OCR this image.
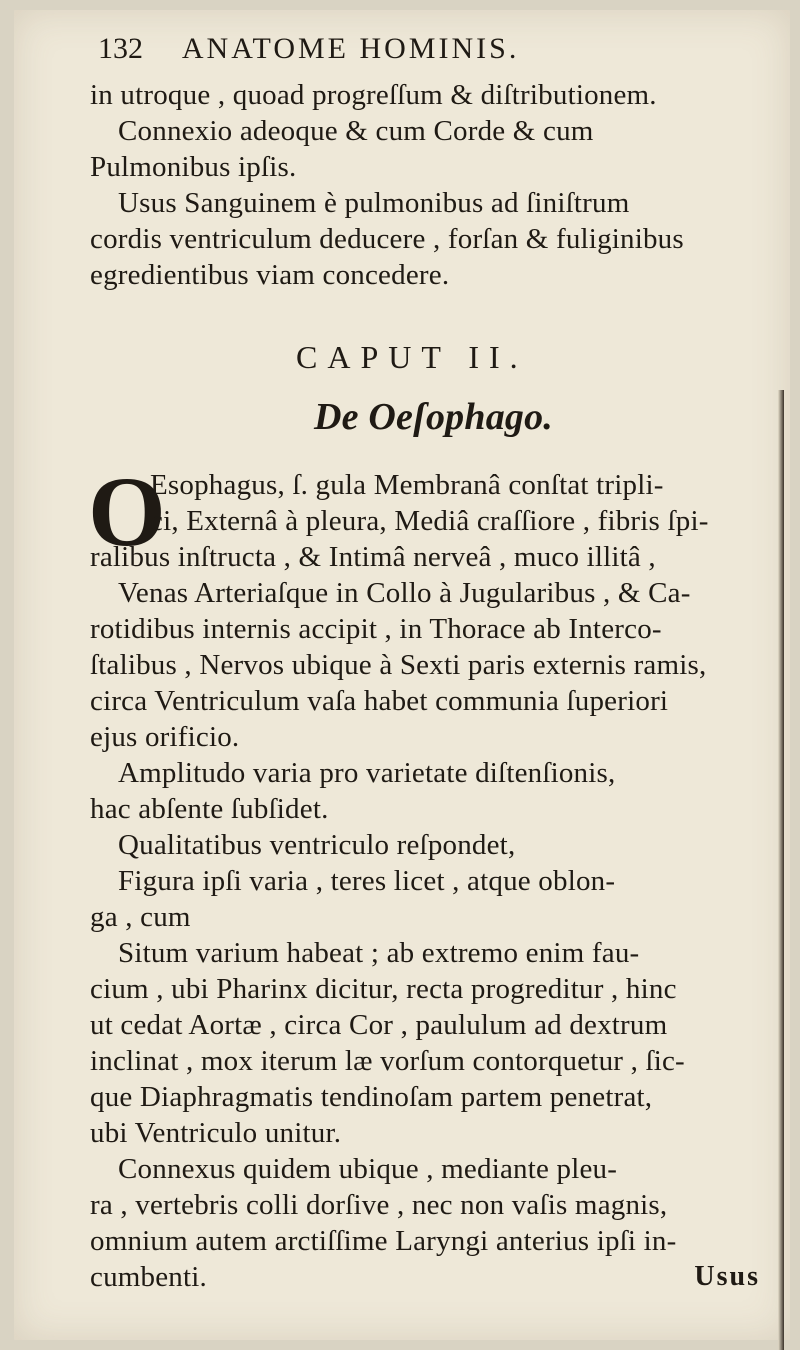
132 ANATOME HOMINIS.
in utroque , quoad progreſſum & diſtributionem.
Connexio adeoque & cum Corde & cum
Pulmonibus ipſis.
Usus Sanguinem è pulmonibus ad ſiniſtrum
cordis ventriculum deducere , forſan & fuliginibus
egredientibus viam concedere.
CAPUT II.
De Oeſophago.
O
Esophagus, ſ. gula Membranâ conſtat tripli-
ci, Externâ à pleura, Mediâ craſſiore , fibris ſpi-
ralibus inſtructa , & Intimâ nerveâ , muco illitâ ,
Venas Arteriaſque in Collo à Jugularibus , & Ca-
rotidibus internis accipit , in Thorace ab Interco-
ſtalibus , Nervos ubique à Sexti paris externis ramis,
circa Ventriculum vaſa habet communia ſuperiori
ejus orificio.
Amplitudo varia pro varietate diſtenſionis,
hac abſente ſubſidet.
Qualitatibus ventriculo reſpondet,
Figura ipſi varia , teres licet , atque oblon-
ga , cum
Situm varium habeat ; ab extremo enim fau-
cium , ubi Pharinx dicitur, recta progreditur , hinc
ut cedat Aortæ , circa Cor , paululum ad dextrum
inclinat , mox iterum læ vorſum contorquetur , ſic-
que Diaphragmatis tendinoſam partem penetrat,
ubi Ventriculo unitur.
Connexus quidem ubique , mediante pleu-
ra , vertebris colli dorſive , nec non vaſis magnis,
omnium autem arctiſſime Laryngi anterius ipſi in-
cumbenti.	Usus
